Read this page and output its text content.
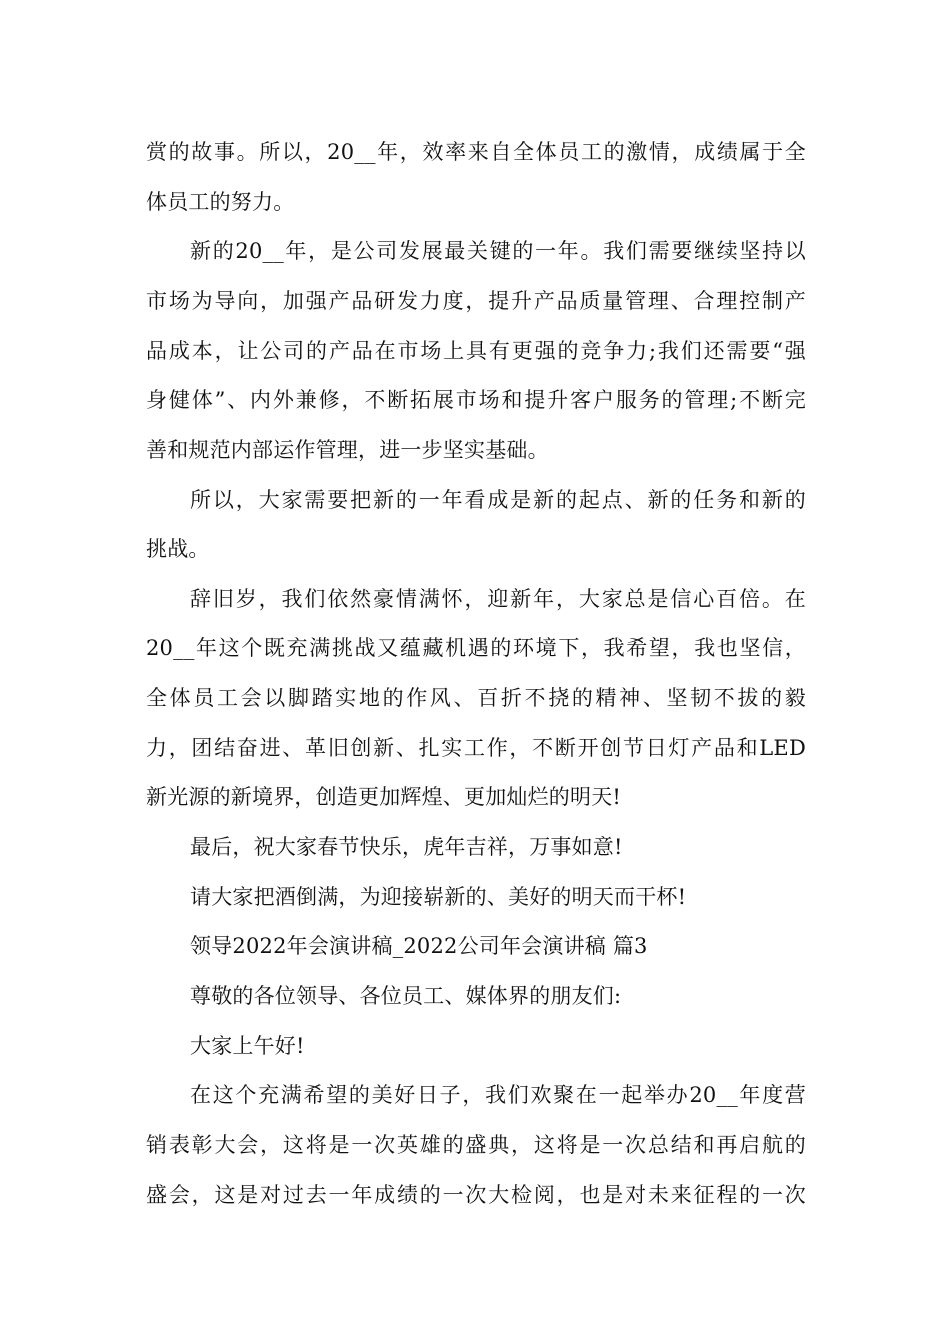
赏的故事。所以，20__年，效率来自全体员工的激情，成绩属于全
体员工的努力。
新的20__年，是公司发展最关键的一年。我们需要继续坚持以
市场为导向，加强产品研发力度，提升产品质量管理、合理控制产
品成本，让公司的产品在市场上具有更强的竞争力;我们还需要“强
身健体”、内外兼修，不断拓展市场和提升客户服务的管理;不断完
善和规范内部运作管理，进一步坚实基础。
所以，大家需要把新的一年看成是新的起点、新的任务和新的
挑战。
辞旧岁，我们依然豪情满怀，迎新年，大家总是信心百倍。在
20__年这个既充满挑战又蕴藏机遇的环境下，我希望，我也坚信，
全体员工会以脚踏实地的作风、百折不挠的精神、坚韧不拔的毅
力，团结奋进、革旧创新、扎实工作，不断开创节日灯产品和LED
新光源的新境界，创造更加辉煌、更加灿烂的明天!
最后，祝大家春节快乐，虎年吉祥，万事如意!
请大家把酒倒满，为迎接崭新的、美好的明天而干杯!
领导2022年会演讲稿_2022公司年会演讲稿 篇3
尊敬的各位领导、各位员工、媒体界的朋友们:
大家上午好!
在这个充满希望的美好日子，我们欢聚在一起举办20__年度营
销表彰大会，这将是一次英雄的盛典，这将是一次总结和再启航的
盛会，这是对过去一年成绩的一次大检阅，也是对未来征程的一次
